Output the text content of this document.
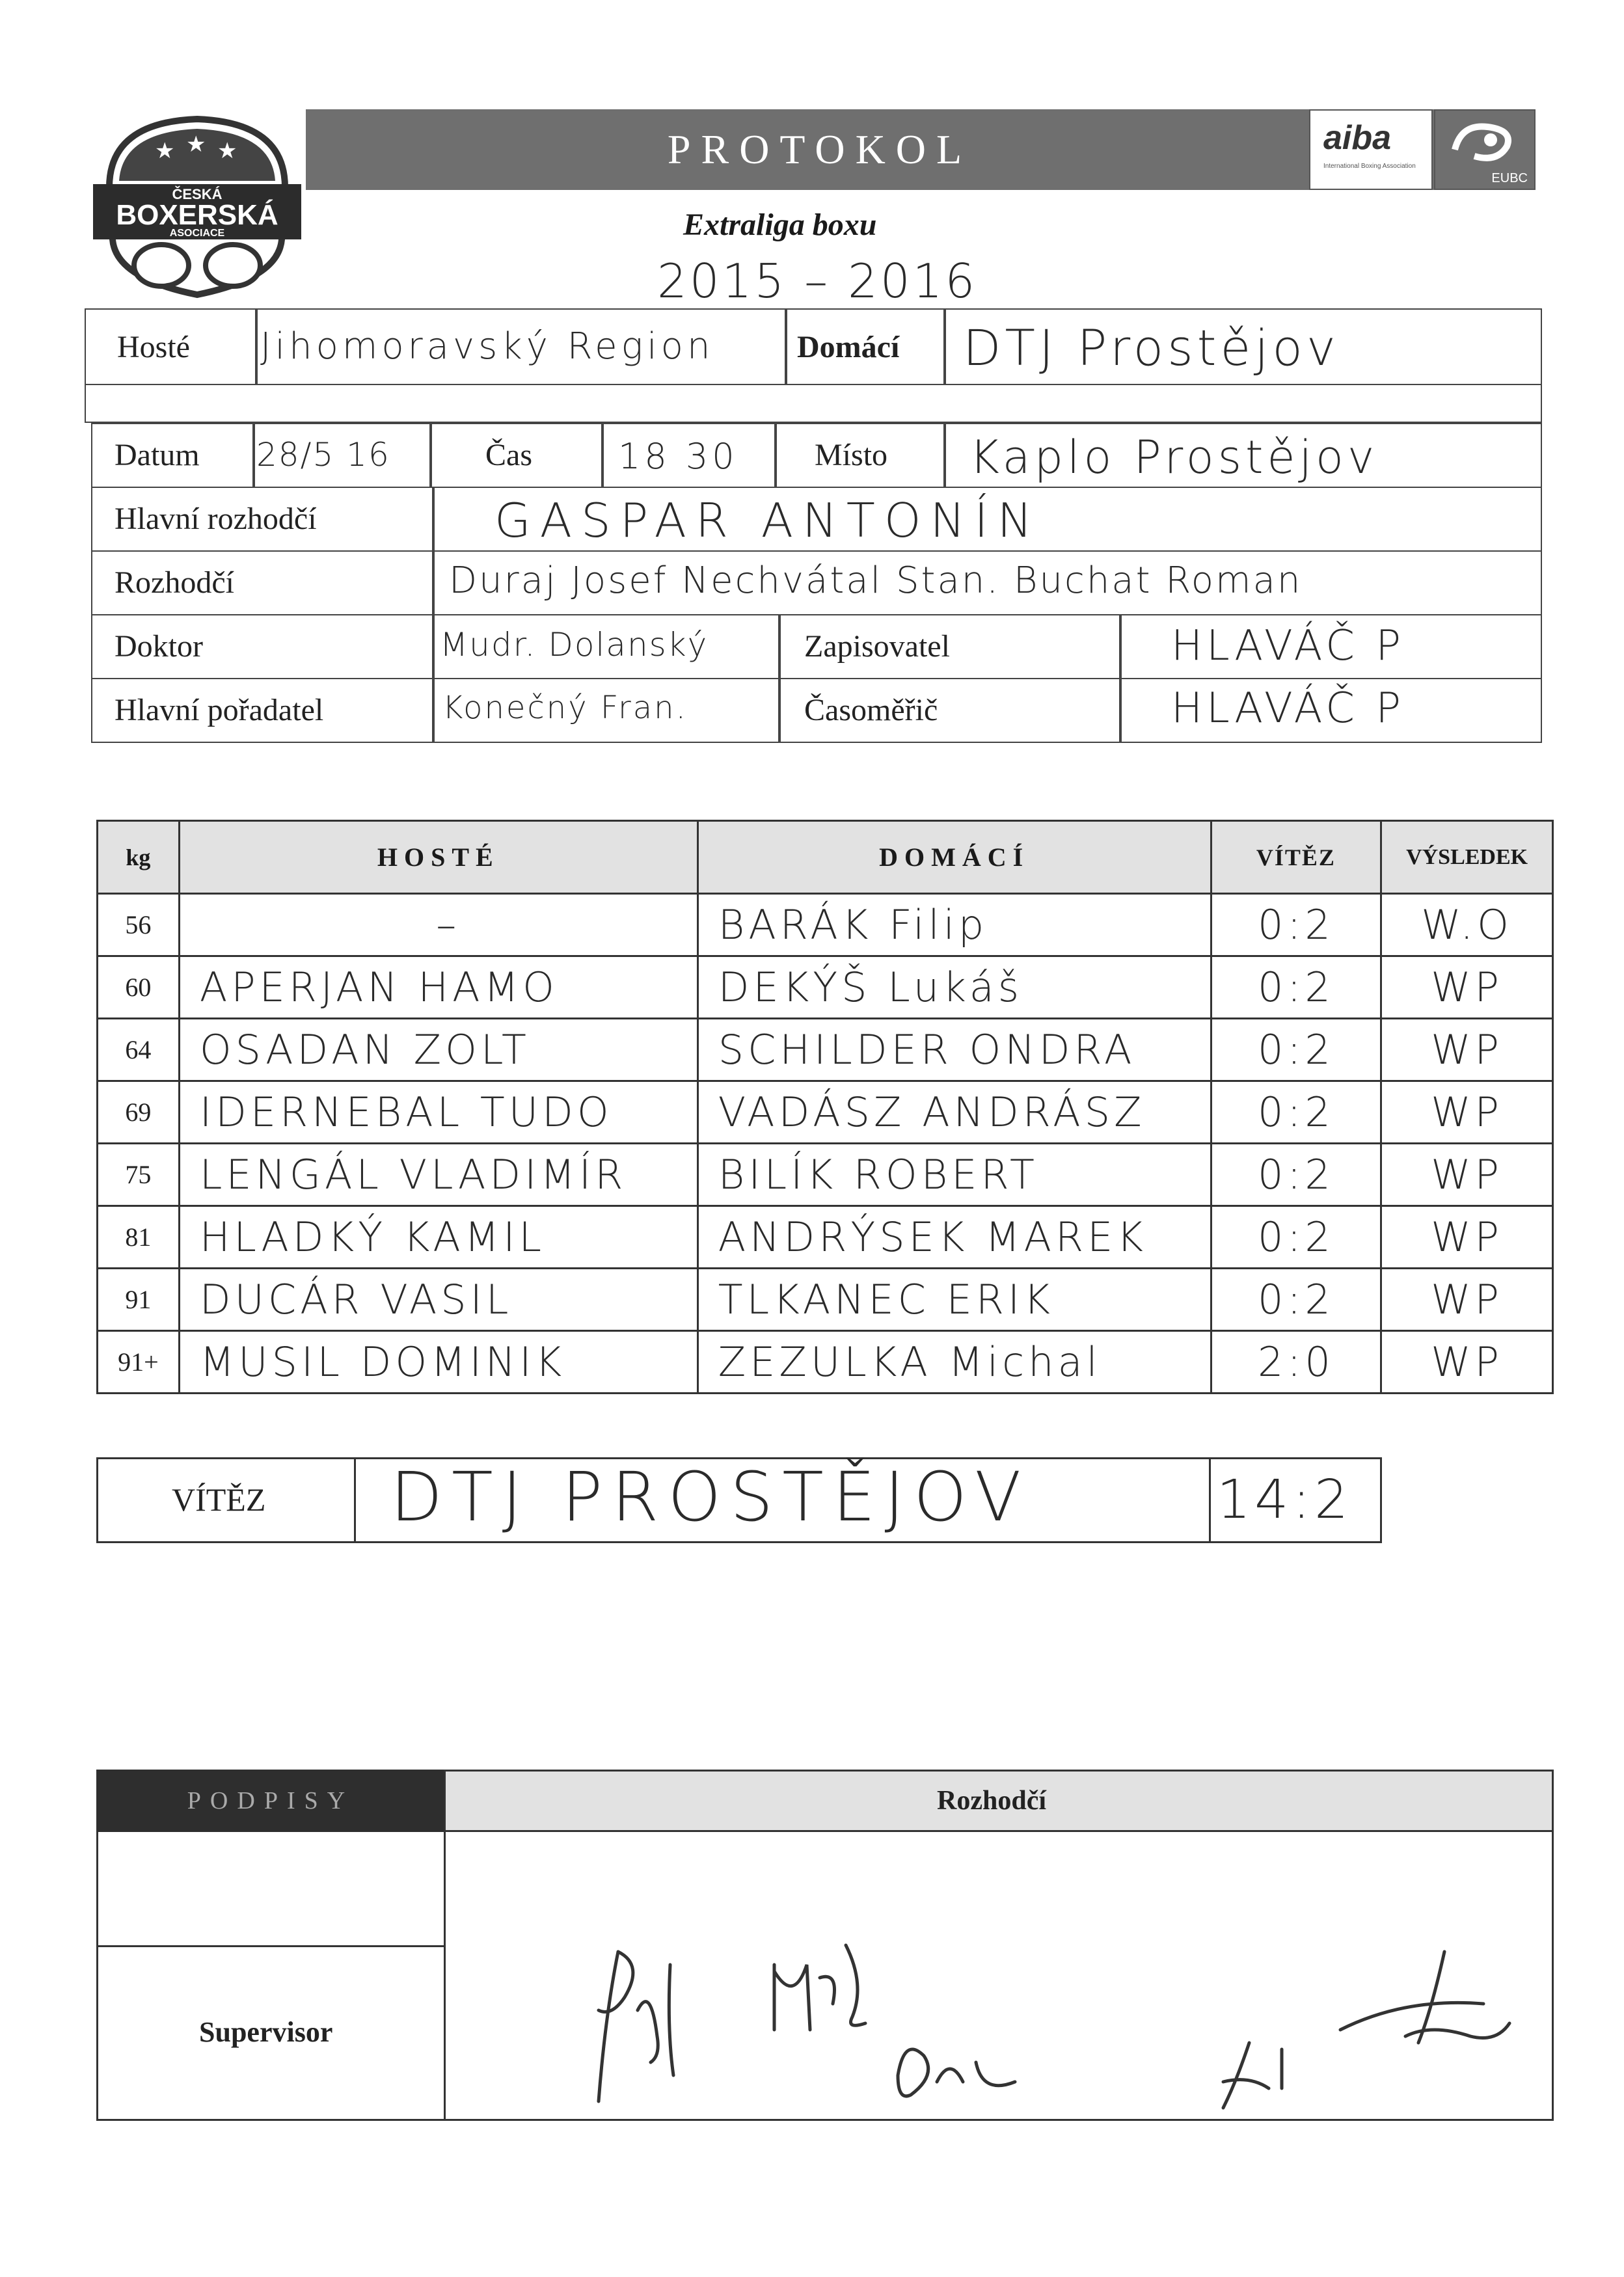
★ ★ ★
ČESKÁ
BOXERSKÁ
ASOCIACE
PROTOKOL	aiba
International Boxing Association
EUBC
Extraliga boxu
2015 – 2016
Hosté Jihomoravský Region	Domácí DTJ Prostějov
Datum 28/5 16	Čas 18 30 Místo Kaplo Prostějov
Hlavní rozhodčí	GASPAR ANTONÍN
Rozhodčí	Duraj Josef Nechvátal Stan. Buchat Roman
Doktor	Mudr. Dolanský	Zapisovatel	HLAVÁČ P
Hlavní pořadatel	Konečný Fran.	Časoměřič	HLAVÁČ P
kg	HOSTÉ	DOMÁCÍ	VÍTĚZ	VÝSLEDEK
56	–	BARÁK Filip	0:2	W.O
60	APERJAN HAMO	DEKÝŠ Lukáš	0:2	WP
64	OSADAN ZOLT	SCHILDER ONDRA	0:2	WP
69	IDERNEBAL TUDO	VADÁSZ ANDRÁSZ	0:2	WP
75	LENGÁL VLADIMÍR	BILÍK ROBERT	0:2	WP
81	HLADKÝ KAMIL	ANDRÝSEK MAREK	0:2	WP
91	DUCÁR VASIL	TLKANEC ERIK	0:2	WP
91+	MUSIL DOMINIK	ZEZULKA Michal	2:0	WP
VÍTĚZ DTJ PROSTĚJOV	14:2
PODPISY	Rozhodčí
Supervisor
